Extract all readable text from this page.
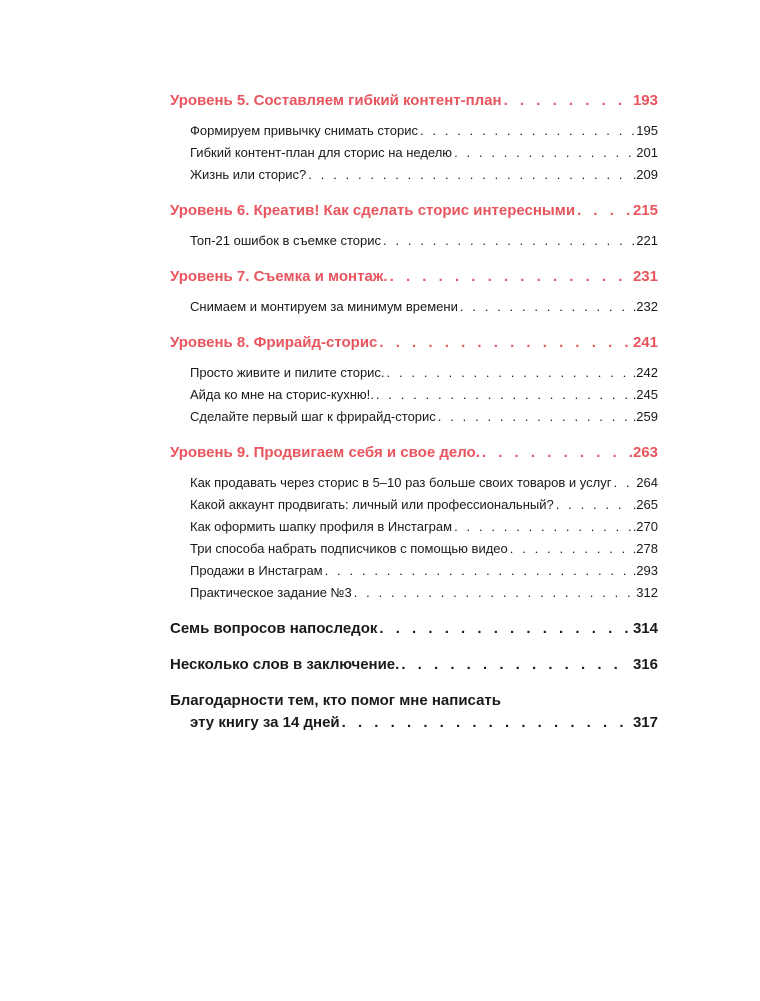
Уровень 5. Составляем гибкий контент-план . . .	193
Формируем привычку снимать сторис . . .	195
Гибкий контент-план для сторис на неделю . . .	201
Жизнь или сторис? . . .	.209
Уровень 6. Креатив! Как сделать сторис интересными . . .	215
Топ-21 ошибок в съемке сторис . . .	221
Уровень 7. Съемка и монтаж. . . .	231
Снимаем и монтируем за минимум времени . . .	.232
Уровень 8. Фрирайд-сторис . . .	241
Просто живите и пилите сторис. . . .	.242
Айда ко мне на сторис-кухню!. . . .	.245
Сделайте первый шаг к фрирайд-сторис . . .	.259
Уровень 9. Продвигаем себя и свое дело. . . .	.263
Как продавать через сторис в 5–10 раз больше своих товаров и услуг . . . 264
Какой аккаунт продвигать: личный или профессиональный? . . .	.265
Как оформить шапку профиля в Инстаграм . . .	.270
Три способа набрать подписчиков с помощью видео . . .	.278
Продажи в Инстаграм . . .	.293
Практическое задание №3 . . .	312
Семь вопросов напоследок . . .	314
Несколько слов в заключение. . . .	316
Благодарности тем, кто помог мне написать
эту книгу за 14 дней . . .	317
